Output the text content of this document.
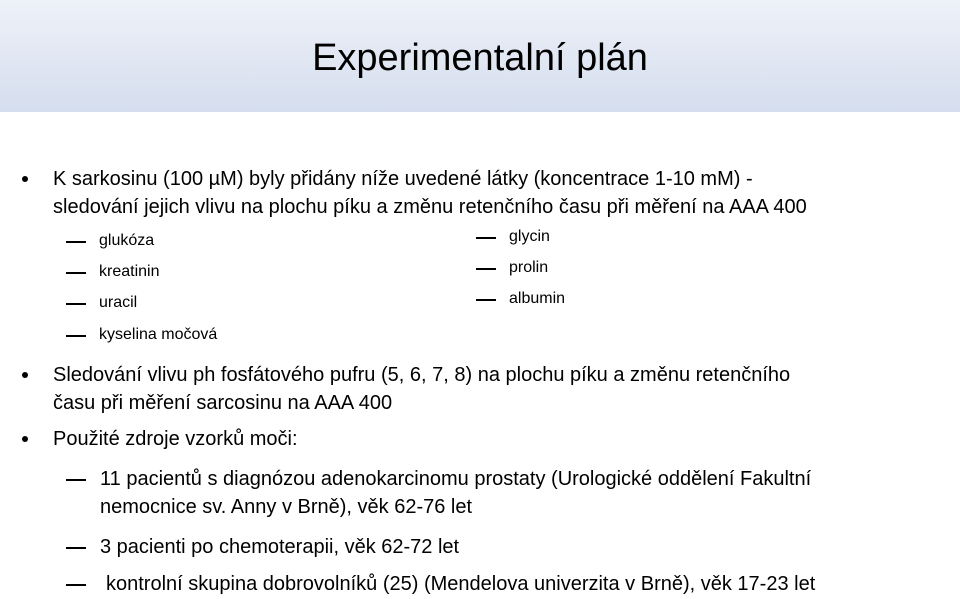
Experimentalní plán
K sarkosinu (100 µM) byly přidány níže uvedené látky (koncentrace 1-10 mM) -
sledování jejich vlivu na plochu píku a změnu retenčního času při měření na AAA 400
glukóza
kreatinin
uracil
kyselina močová
glycin
prolin
albumin
Sledování vlivu ph fosfátového pufru (5, 6, 7, 8) na plochu píku a změnu retenčního
času při měření sarcosinu na AAA 400
Použité zdroje vzorků moči:
11 pacientů s diagnózou adenokarcinomu prostaty (Urologické oddělení Fakultní
nemocnice sv. Anny v Brně), věk 62-76 let
3 pacienti po chemoterapii, věk 62-72 let
kontrolní skupina dobrovolníků (25) (Mendelova univerzita v Brně), věk 17-23 let
